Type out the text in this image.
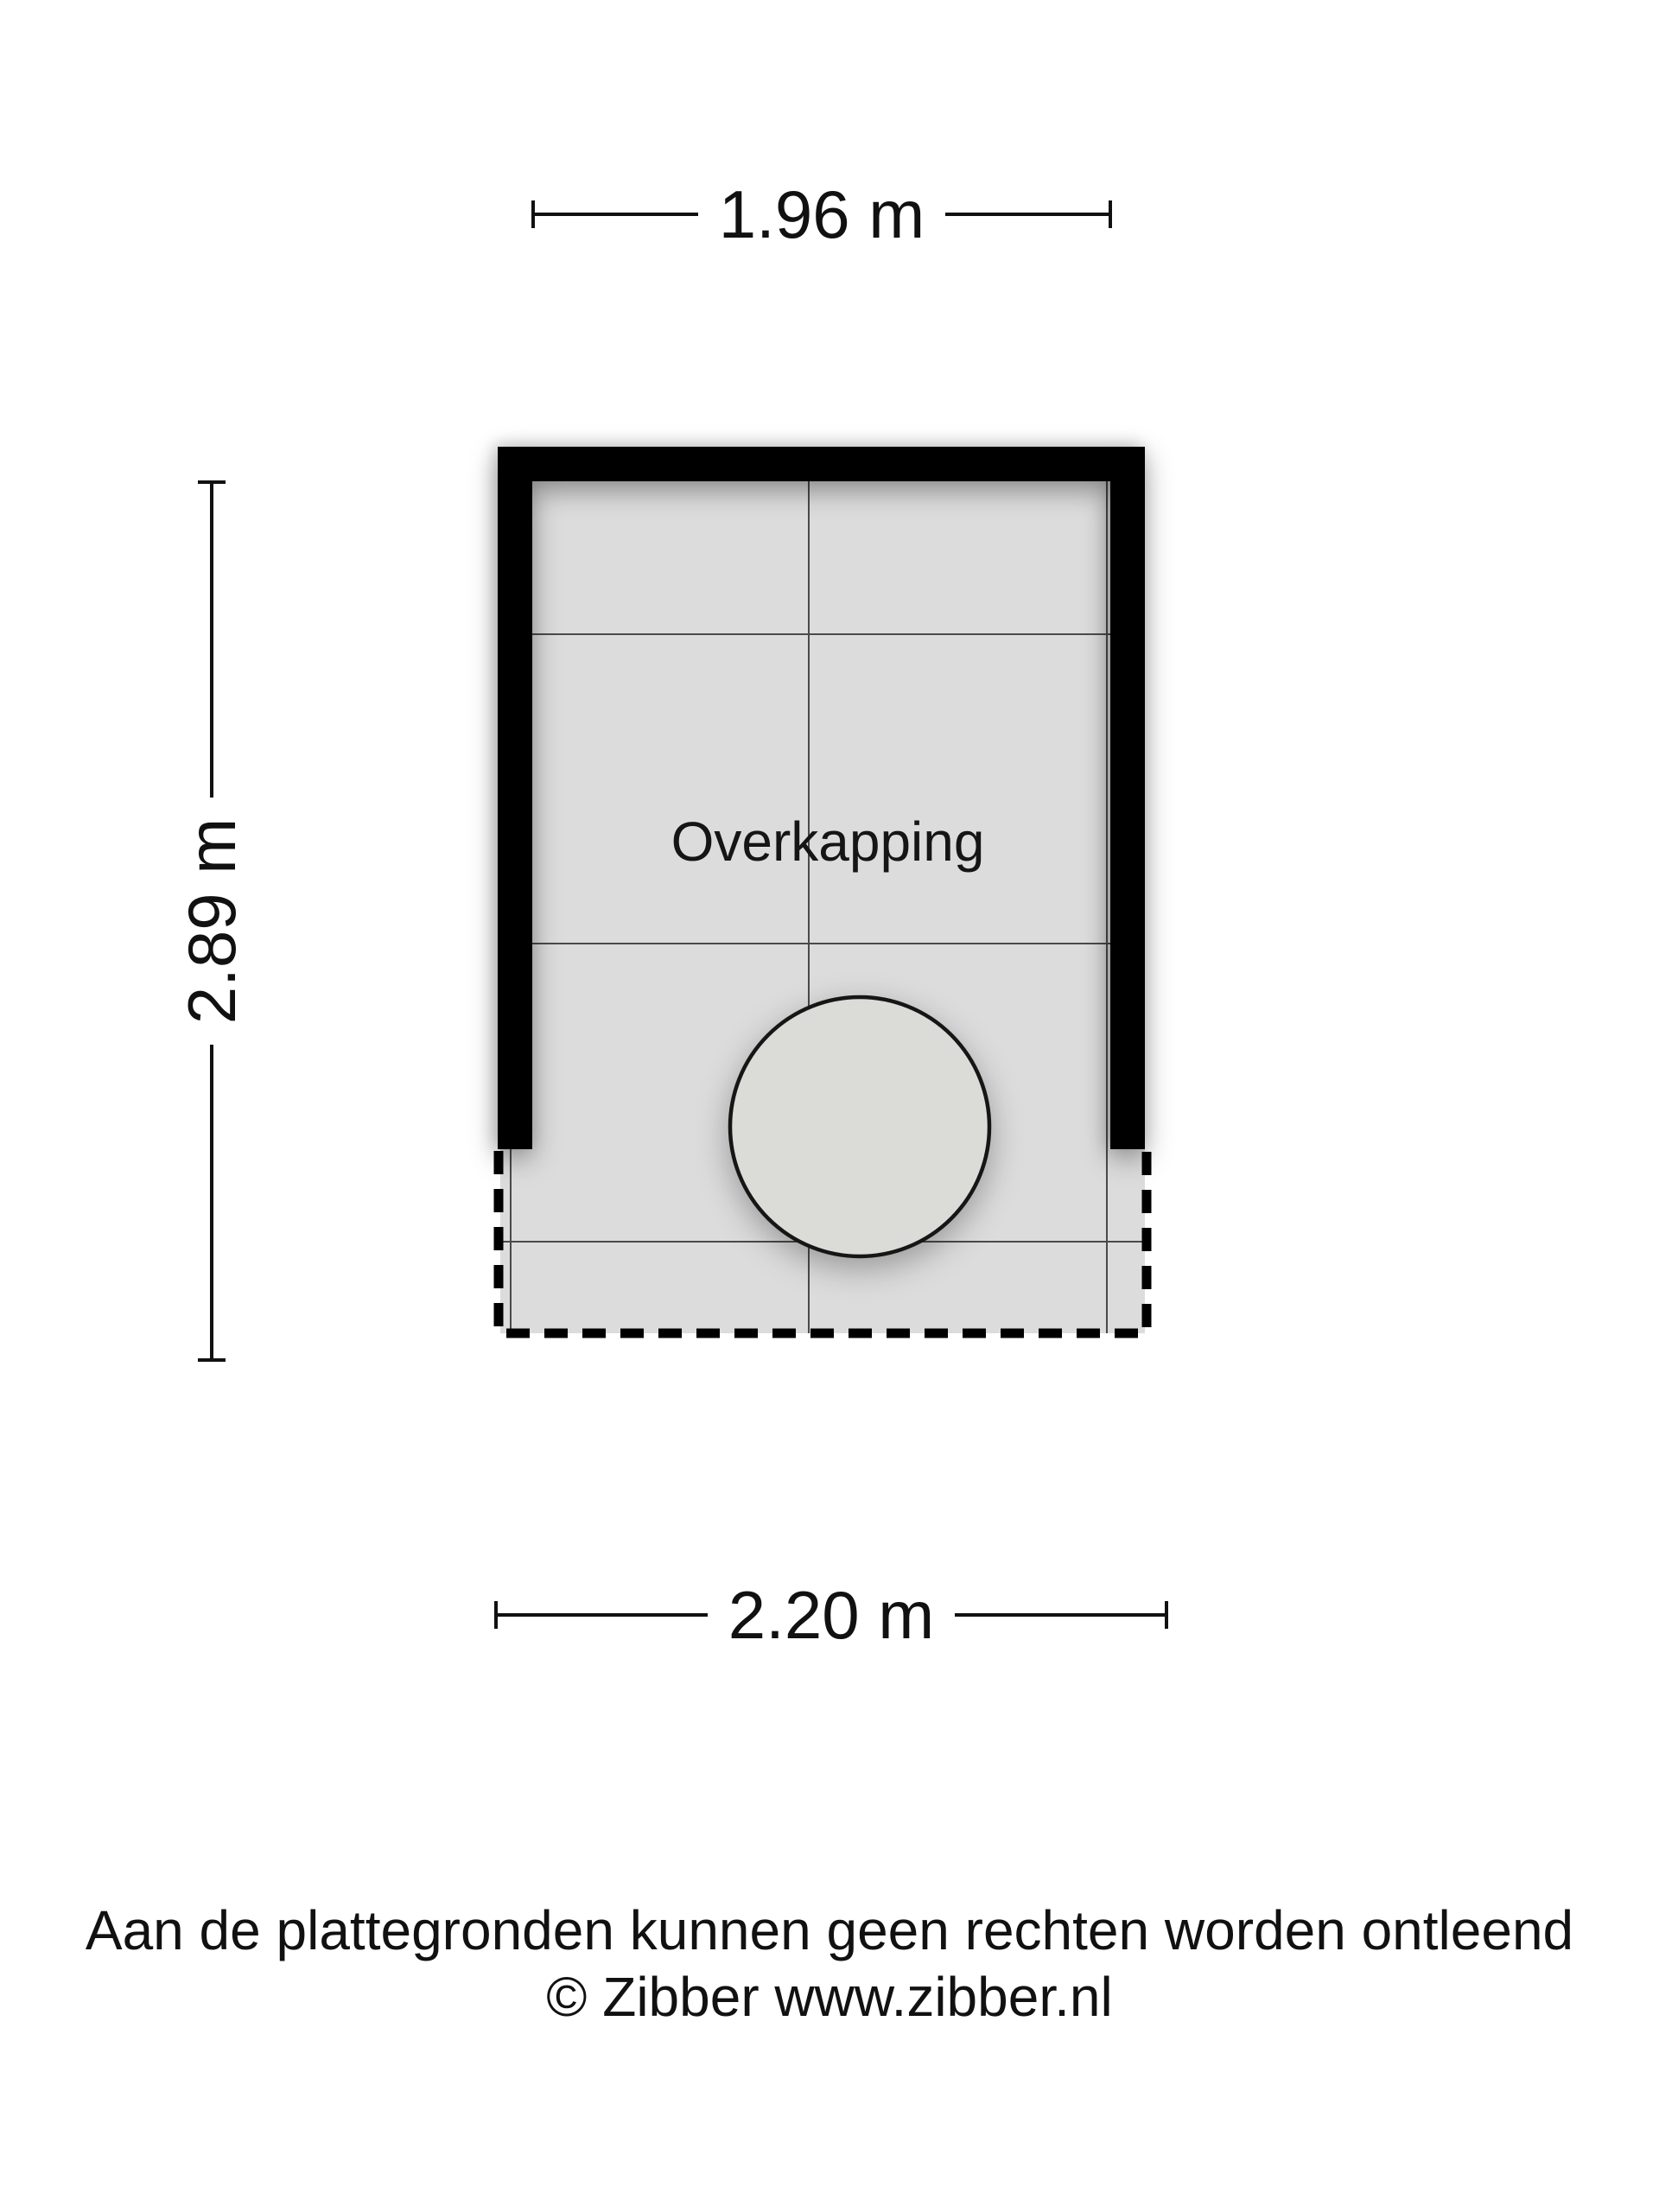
1.96 m
2.89 m	Overkapping
2.20 m
Aan de plattegronden kunnen geen rechten worden ontleend
© Zibber www.zibber.nl
